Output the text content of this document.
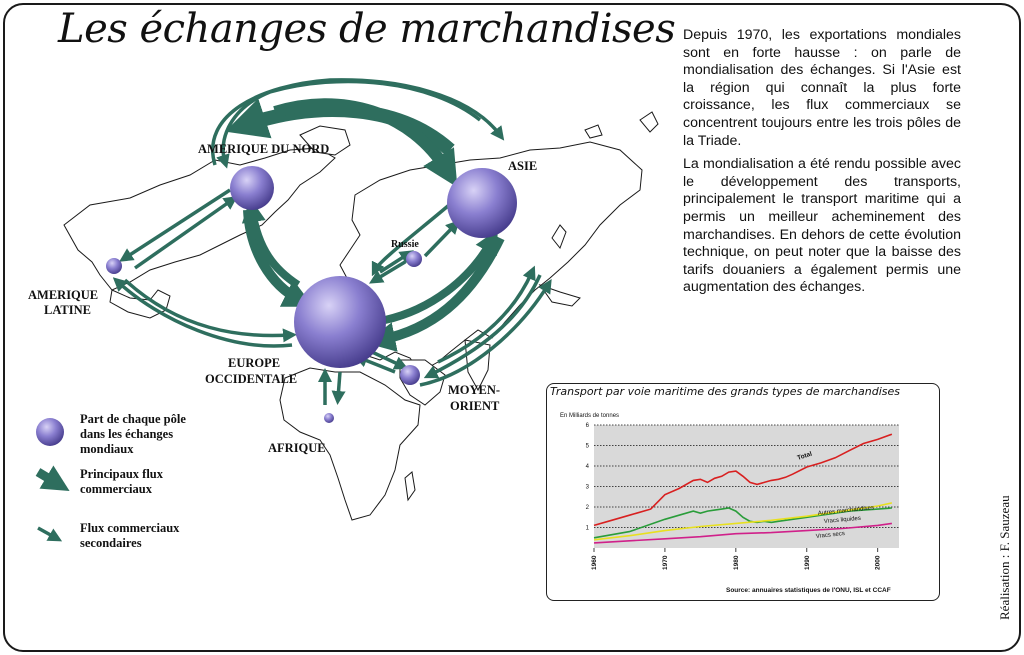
Les échanges de marchandises Depuis 1970, les exportations mondiales sont en forte hausse : on parle de mondialisation des échanges. Si l'Asie est la région qui connaît la plus forte croissance, les flux commerciaux se concentrent toujours entre les trois pôles de la Triade.

La mondialisation a été rendu possible avec le développement des transports, principalement le transport maritime qui a permis un meilleur acheminement des marchandises. En dehors de cette évolution technique, on peut noter que la baisse des tarifs douaniers a également permis une augmentation des échanges.

AMERIQUE DU NORD
ASIE
Russie
AMERIQUE
LATINE
EUROPE
OCCIDENTALE
MOYEN-
ORIENT
AFRIQUE
Part de chaque pôle dans les échanges mondiaux
Principaux flux commerciaux
Flux commerciaux secondaires	Réalisation : F. Sauzeau
Transport par voie maritime des grands types de marchandises
1
2
3
4
5
6
1960	1970	1980	1990	2000
En Milliards de tonnes
Total
Autres marchandises
Vracs liquides
Vracs secs
Source: annuaires statistiques de l'ONU, ISL et CCAF
